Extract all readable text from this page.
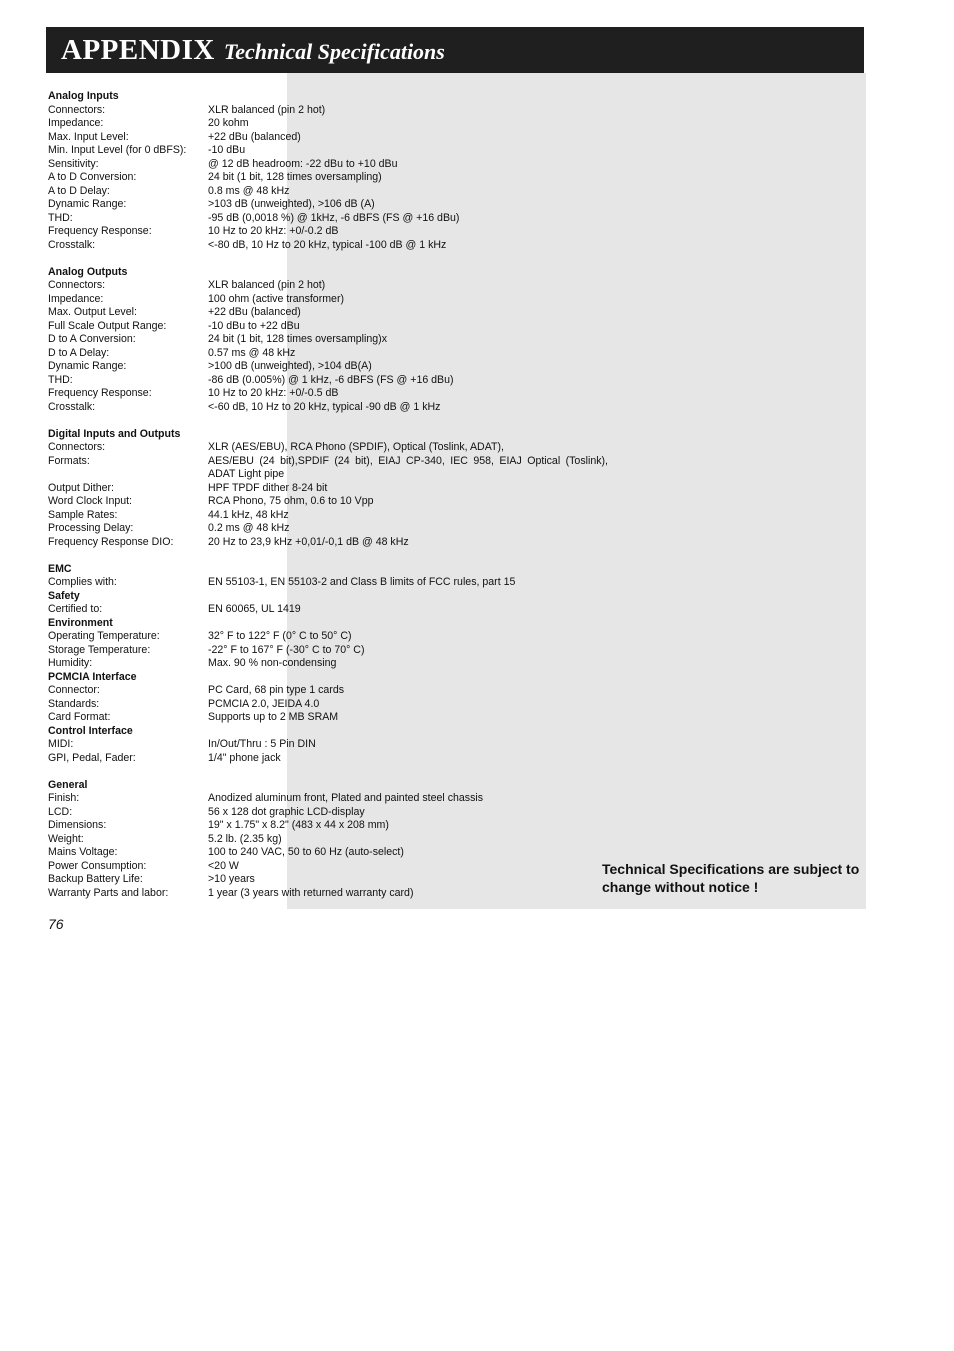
APPENDIX Technical Specifications
Analog Inputs
Connectors:	XLR balanced (pin 2 hot)
Impedance:	20 kohm
Max. Input Level:	+22 dBu (balanced)
Min. Input Level (for 0 dBFS):	-10 dBu
Sensitivity:	@ 12 dB headroom: -22 dBu to +10 dBu
A to D Conversion:	24 bit (1 bit, 128 times oversampling)
A to D Delay:	0.8 ms @ 48 kHz
Dynamic Range:	>103 dB (unweighted), >106 dB (A)
THD:	-95 dB (0,0018 %) @ 1kHz, -6 dBFS (FS @ +16 dBu)
Frequency Response:	10 Hz to 20 kHz: +0/-0.2 dB
Crosstalk:	<-80 dB, 10 Hz to 20 kHz, typical -100 dB @ 1 kHz
Analog Outputs
Connectors:	XLR balanced (pin 2 hot)
Impedance:	100 ohm (active transformer)
Max. Output Level:	+22 dBu (balanced)
Full Scale Output Range:	-10 dBu to +22 dBu
D to A Conversion:	24 bit (1 bit, 128 times oversampling)x
D to A Delay:	0.57 ms @ 48 kHz
Dynamic Range:	>100 dB (unweighted), >104 dB(A)
THD:	-86 dB (0.005%) @ 1 kHz, -6 dBFS (FS @ +16 dBu)
Frequency Response:	10 Hz to 20 kHz: +0/-0.5 dB
Crosstalk:	<-60 dB, 10 Hz to 20 kHz, typical -90 dB @ 1 kHz
Digital Inputs and Outputs
Connectors:	XLR (AES/EBU), RCA Phono (SPDIF), Optical (Toslink, ADAT),
Formats:	AES/EBU (24 bit),SPDIF (24 bit), EIAJ CP-340, IEC 958, EIAJ Optical (Toslink), ADAT Light pipe
Output Dither:	HPF TPDF dither 8-24 bit
Word Clock Input:	RCA Phono, 75 ohm, 0.6 to 10 Vpp
Sample Rates:	44.1 kHz, 48 kHz
Processing Delay:	0.2 ms @ 48 kHz
Frequency Response DIO:	20 Hz to 23,9 kHz +0,01/-0,1 dB @ 48 kHz
EMC
Complies with:	EN 55103-1, EN 55103-2 and Class B limits of FCC rules, part 15
Safety
Certified to:	EN 60065, UL 1419
Environment
Operating Temperature:	32° F to 122° F (0° C to 50° C)
Storage Temperature:	-22° F to 167° F (-30° C to 70° C)
Humidity:	Max. 90 % non-condensing
PCMCIA Interface
Connector:	PC Card, 68 pin type 1 cards
Standards:	PCMCIA 2.0, JEIDA 4.0
Card Format:	Supports up to 2 MB SRAM
Control Interface
MIDI:	In/Out/Thru : 5 Pin DIN
GPI, Pedal, Fader:	1/4" phone jack
General
Finish:	Anodized aluminum front, Plated and painted steel chassis
LCD:	56 x 128 dot graphic LCD-display
Dimensions:	19" x 1.75" x 8.2" (483 x 44 x 208 mm)
Weight:	5.2 lb. (2.35 kg)
Mains Voltage:	100 to 240 VAC, 50 to 60 Hz (auto-select)
Power Consumption:	<20 W
Backup Battery Life:	>10 years
Warranty Parts and labor:	1 year (3 years with returned warranty card)
Technical Specifications are subject to change without notice !
76
